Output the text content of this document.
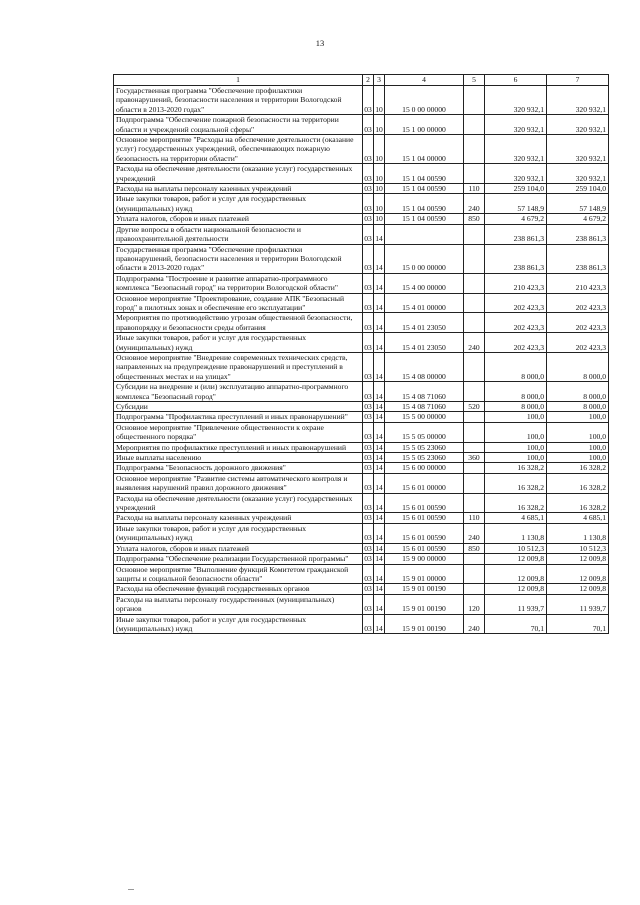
13
1	2	3	4	5	6	7
Государственная программа "Обеспечение профилактики правонарушений, безопасности населения и территории Вологодской области в 2013-2020 годах"	03	10	15 0 00 00000		320 932,1	320 932,1
Подпрограмма "Обеспечение пожарной безопасности на территории области и учреждений социальной сферы"	03	10	15 1 00 00000		320 932,1	320 932,1
Основное мероприятие "Расходы на обеспечение деятельности (оказание услуг) государственных учреждений, обеспечивающих пожарную безопасность на территории области"	03	10	15 1 04 00000		320 932,1	320 932,1
Расходы на обеспечение деятельности (оказание услуг) государственных учреждений	03	10	15 1 04 00590		320 932,1	320 932,1
Расходы на выплаты персоналу казенных учреждений	03	10	15 1 04 00590	110	259 104,0	259 104,0
Иные закупки товаров, работ и услуг для государственных (муниципальных) нужд	03	10	15 1 04 00590	240	57 148,9	57 148,9
Уплата налогов, сборов и иных платежей	03	10	15 1 04 00590	850	4 679,2	4 679,2
Другие вопросы в области национальной безопасности и правоохранительной деятельности	03	14			238 861,3	238 861,3
Государственная программа "Обеспечение профилактики правонарушений, безопасности населения и территории Вологодской области в 2013-2020 годах"	03	14	15 0 00 00000		238 861,3	238 861,3
Подпрограмма "Построение и развитие аппаратно-программного комплекса "Безопасный город" на территории Вологодской области"	03	14	15 4 00 00000		210 423,3	210 423,3
Основное мероприятие "Проектирование, создание АПК "Безопасный город" в пилотных зонах и обеспечение его эксплуатации"	03	14	15 4 01 00000		202 423,3	202 423,3
Мероприятия по противодействию угрозам общественной безопасности, правопорядку и безопасности среды обитания	03	14	15 4 01 23050		202 423,3	202 423,3
Иные закупки товаров, работ и услуг для государственных (муниципальных) нужд	03	14	15 4 01 23050	240	202 423,3	202 423,3
Основное мероприятие "Внедрение современных технических средств, направленных на предупреждение правонарушений и преступлений в общественных местах и на улицах"	03	14	15 4 08 00000		8 000,0	8 000,0
Субсидии на внедрение и (или) эксплуатацию аппаратно-программного комплекса "Безопасный город"	03	14	15 4 08 71060		8 000,0	8 000,0
Субсидии	03	14	15 4 08 71060	520	8 000,0	8 000,0
Подпрограмма "Профилактика преступлений и иных правонарушений"	03	14	15 5 00 00000		100,0	100,0
Основное мероприятие "Привлечение общественности к охране общественного порядка"	03	14	15 5 05 00000		100,0	100,0
Мероприятия по профилактике преступлений и иных правонарушений	03	14	15 5 05 23060		100,0	100,0
Иные выплаты населению	03	14	15 5 05 23060	360	100,0	100,0
Подпрограмма "Безопасность дорожного движения"	03	14	15 6 00 00000		16 328,2	16 328,2
Основное мероприятие "Развитие системы автоматического контроля и выявления нарушений правил дорожного движения"	03	14	15 6 01 00000		16 328,2	16 328,2
Расходы на обеспечение деятельности (оказание услуг) государственных учреждений	03	14	15 6 01 00590		16 328,2	16 328,2
Расходы на выплаты персоналу казенных учреждений	03	14	15 6 01 00590	110	4 685,1	4 685,1
Иные закупки товаров, работ и услуг для государственных (муниципальных) нужд	03	14	15 6 01 00590	240	1 130,8	1 130,8
Уплата налогов, сборов и иных платежей	03	14	15 6 01 00590	850	10 512,3	10 512,3
Подпрограмма "Обеспечение реализации Государственной программы"	03	14	15 9 00 00000		12 009,8	12 009,8
Основное мероприятие "Выполнение функций Комитетом гражданской защиты и социальной безопасности области"	03	14	15 9 01 00000		12 009,8	12 009,8
Расходы на обеспечение функций государственных органов	03	14	15 9 01 00190		12 009,8	12 009,8
Расходы на выплаты персоналу государственных (муниципальных) органов	03	14	15 9 01 00190	120	11 939,7	11 939,7
Иные закупки товаров, работ и услуг для государственных (муниципальных) нужд	03	14	15 9 01 00190	240	70,1	70,1
